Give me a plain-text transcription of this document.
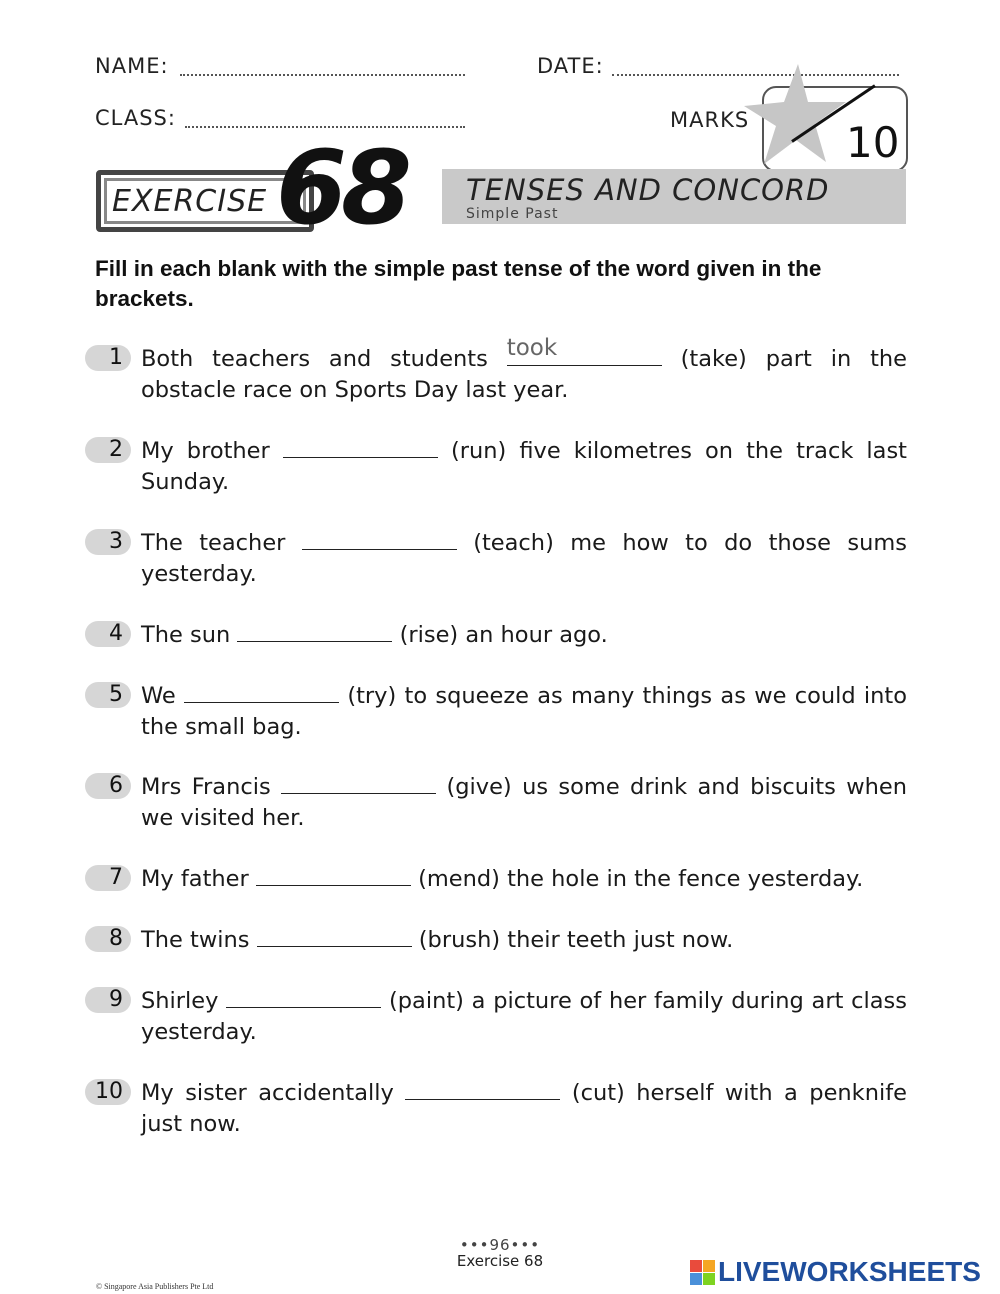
NAME:	DATE:
CLASS:	MARKS 10
EXERCISE 68 TENSES AND CONCORD
Simple Past
Fill in each blank with the simple past tense of the word given in the brackets.
1 Both teachers and students took	(take) part in the obstacle race on Sports Day last year.
2 My brother	(run) five kilometres on the track last Sunday.
3 The teacher	(teach) me how to do those sums yesterday.
4 The sun	(rise) an hour ago.
5 We	(try) to squeeze as many things as we could into the small bag.
6 Mrs Francis	(give) us some drink and biscuits when we visited her.
7 My father	(mend) the hole in the fence yesterday.
8 The twins	(brush) their teeth just now.
9 Shirley	(paint) a picture of her family during art class yesterday.
10 My sister accidentally	(cut) herself with a penknife just now.
•••96•••
Exercise 68
© Singapore Asia Publishers Pte Ltd	LIVEWORKSHEETS
